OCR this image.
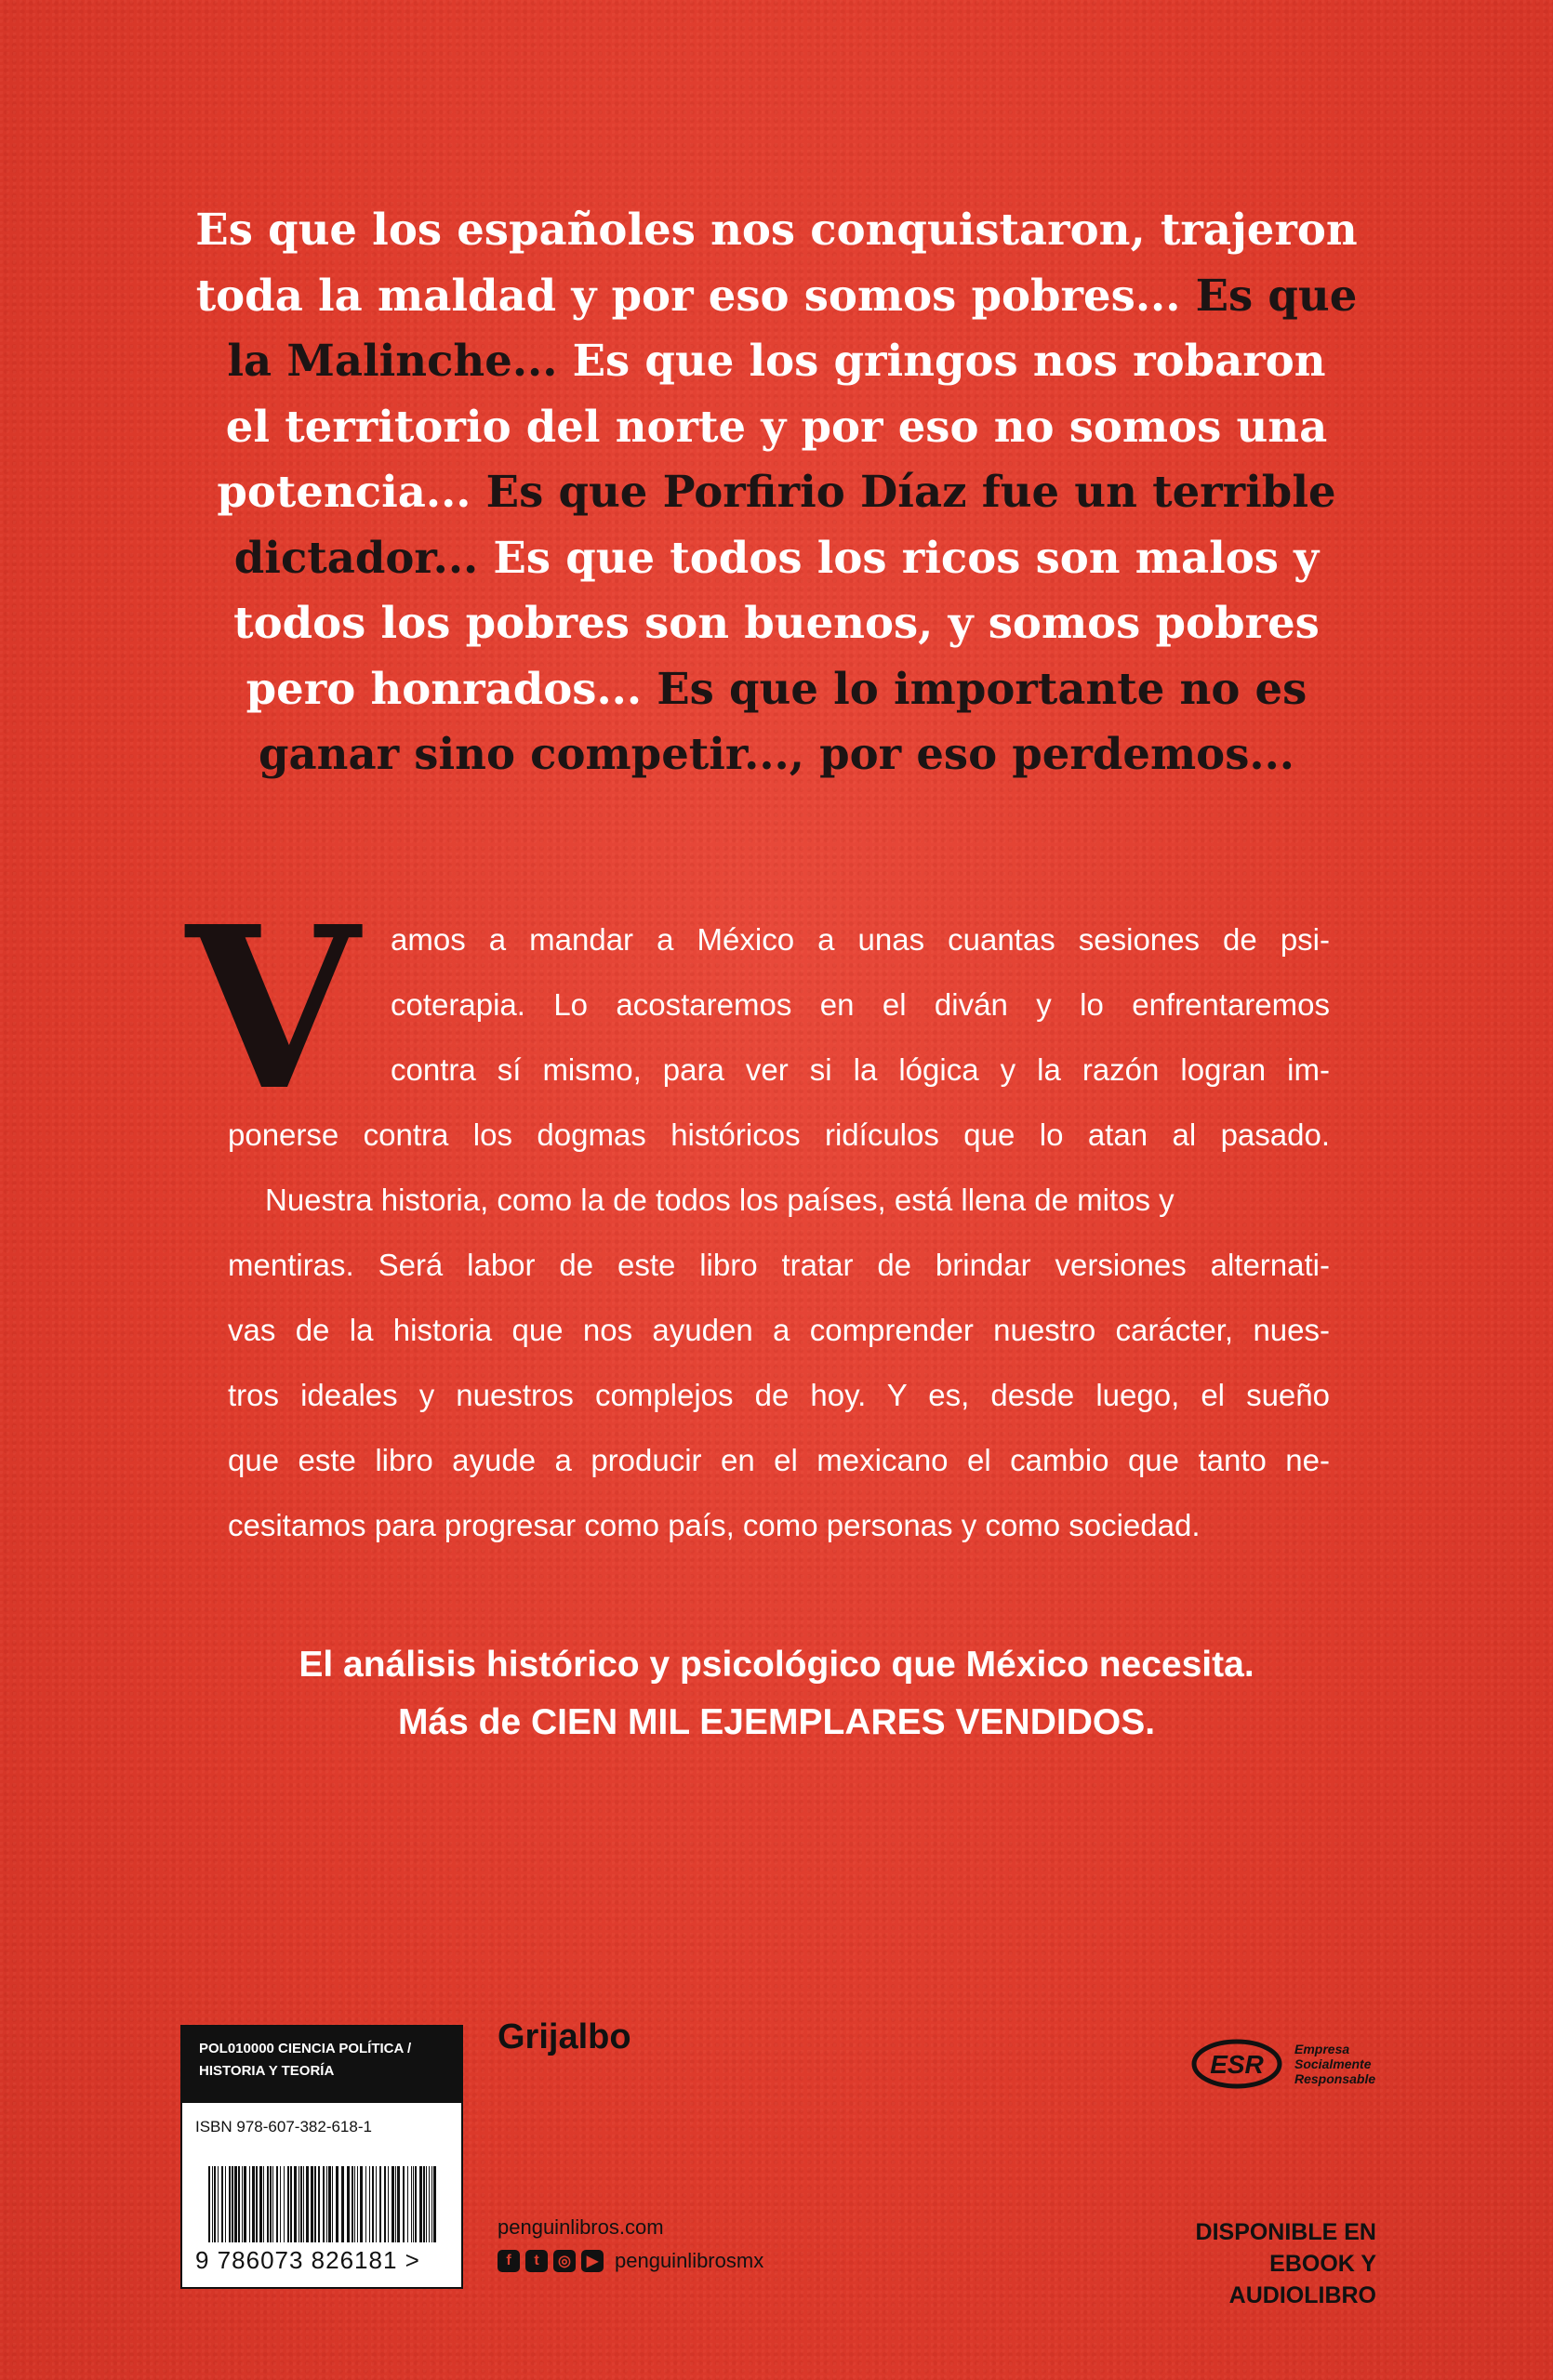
Es que los españoles nos conquistaron, trajeron
toda la maldad y por eso somos pobres... Es que
la Malinche... Es que los gringos nos robaron
el territorio del norte y por eso no somos una
potencia... Es que Porfirio Díaz fue un terrible
dictador... Es que todos los ricos son malos y
todos los pobres son buenos, y somos pobres
pero honrados... Es que lo importante no es
ganar sino competir..., por eso perdemos...
V amos a mandar a México a unas cuantas sesiones de psi-
coterapia. Lo acostaremos en el diván y lo enfrentaremos
contra sí mismo, para ver si la lógica y la razón logran im-
ponerse contra los dogmas históricos ridículos que lo atan al pasado.
Nuestra historia, como la de todos los países, está llena de mitos y
mentiras. Será labor de este libro tratar de brindar versiones alternati-
vas de la historia que nos ayuden a comprender nuestro carácter, nues-
tros ideales y nuestros complejos de hoy. Y es, desde luego, el sueño
que este libro ayude a producir en el mexicano el cambio que tanto ne-
cesitamos para progresar como país, como personas y como sociedad.
El análisis histórico y psicológico que México necesita.
Más de CIEN MIL EJEMPLARES VENDIDOS.
POL010000 CIENCIA POLÍTICA /
HISTORIA Y TEORÍA
ISBN 978-607-382-618-1
9 786073 826181 >
Grijalbo
penguinlibros.com
f	t	◎	▶ penguinlibrosmx
ESR
Empresa
Socialmente
Responsable
DISPONIBLE EN
EBOOK Y AUDIOLIBRO
